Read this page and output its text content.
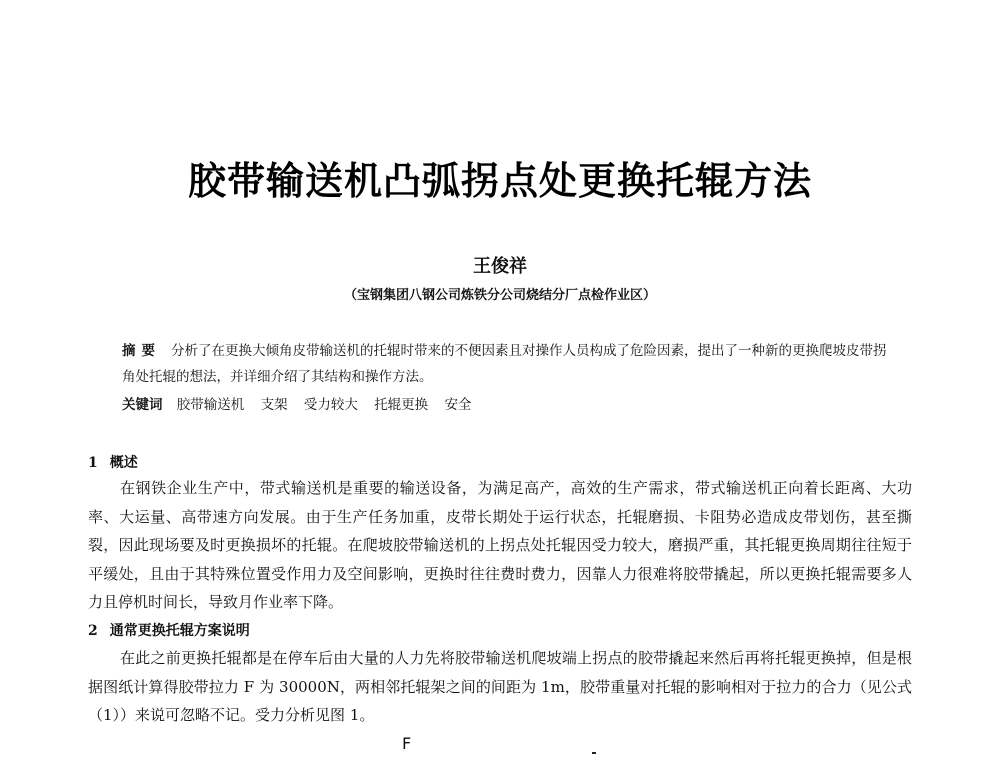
胶带输送机凸弧拐点处更换托辊方法
王俊祥
（宝钢集团八钢公司炼铁分公司烧结分厂点检作业区）
摘要 分析了在更换大倾角皮带输送机的托辊时带来的不便因素且对操作人员构成了危险因素，提出了一种新的更换爬坡皮带拐角处托辊的想法，并详细介绍了其结构和操作方法。
关键词 胶带输送机 支架 受力较大 托辊更换 安全
1 概述
在钢铁企业生产中，带式输送机是重要的输送设备，为满足高产，高效的生产需求，带式输送机正向着长距离、大功率、大运量、高带速方向发展。由于生产任务加重，皮带长期处于运行状态，托辊磨损、卡阻势必造成皮带划伤，甚至撕裂，因此现场要及时更换损坏的托辊。在爬坡胶带输送机的上拐点处托辊因受力较大，磨损严重，其托辊更换周期往往短于平缓处，且由于其特殊位置受作用力及空间影响，更换时往往费时费力，因靠人力很难将胶带撬起，所以更换托辊需要多人力且停机时间长，导致月作业率下降。
2 通常更换托辊方案说明
在此之前更换托辊都是在停车后由大量的人力先将胶带输送机爬坡端上拐点的胶带撬起来然后再将托辊更换掉，但是根据图纸计算得胶带拉力 F 为 30000N，两相邻托辊架之间的间距为 1m，胶带重量对托辊的影响相对于拉力的合力（见公式（1））来说可忽略不记。受力分析见图 1。
F
